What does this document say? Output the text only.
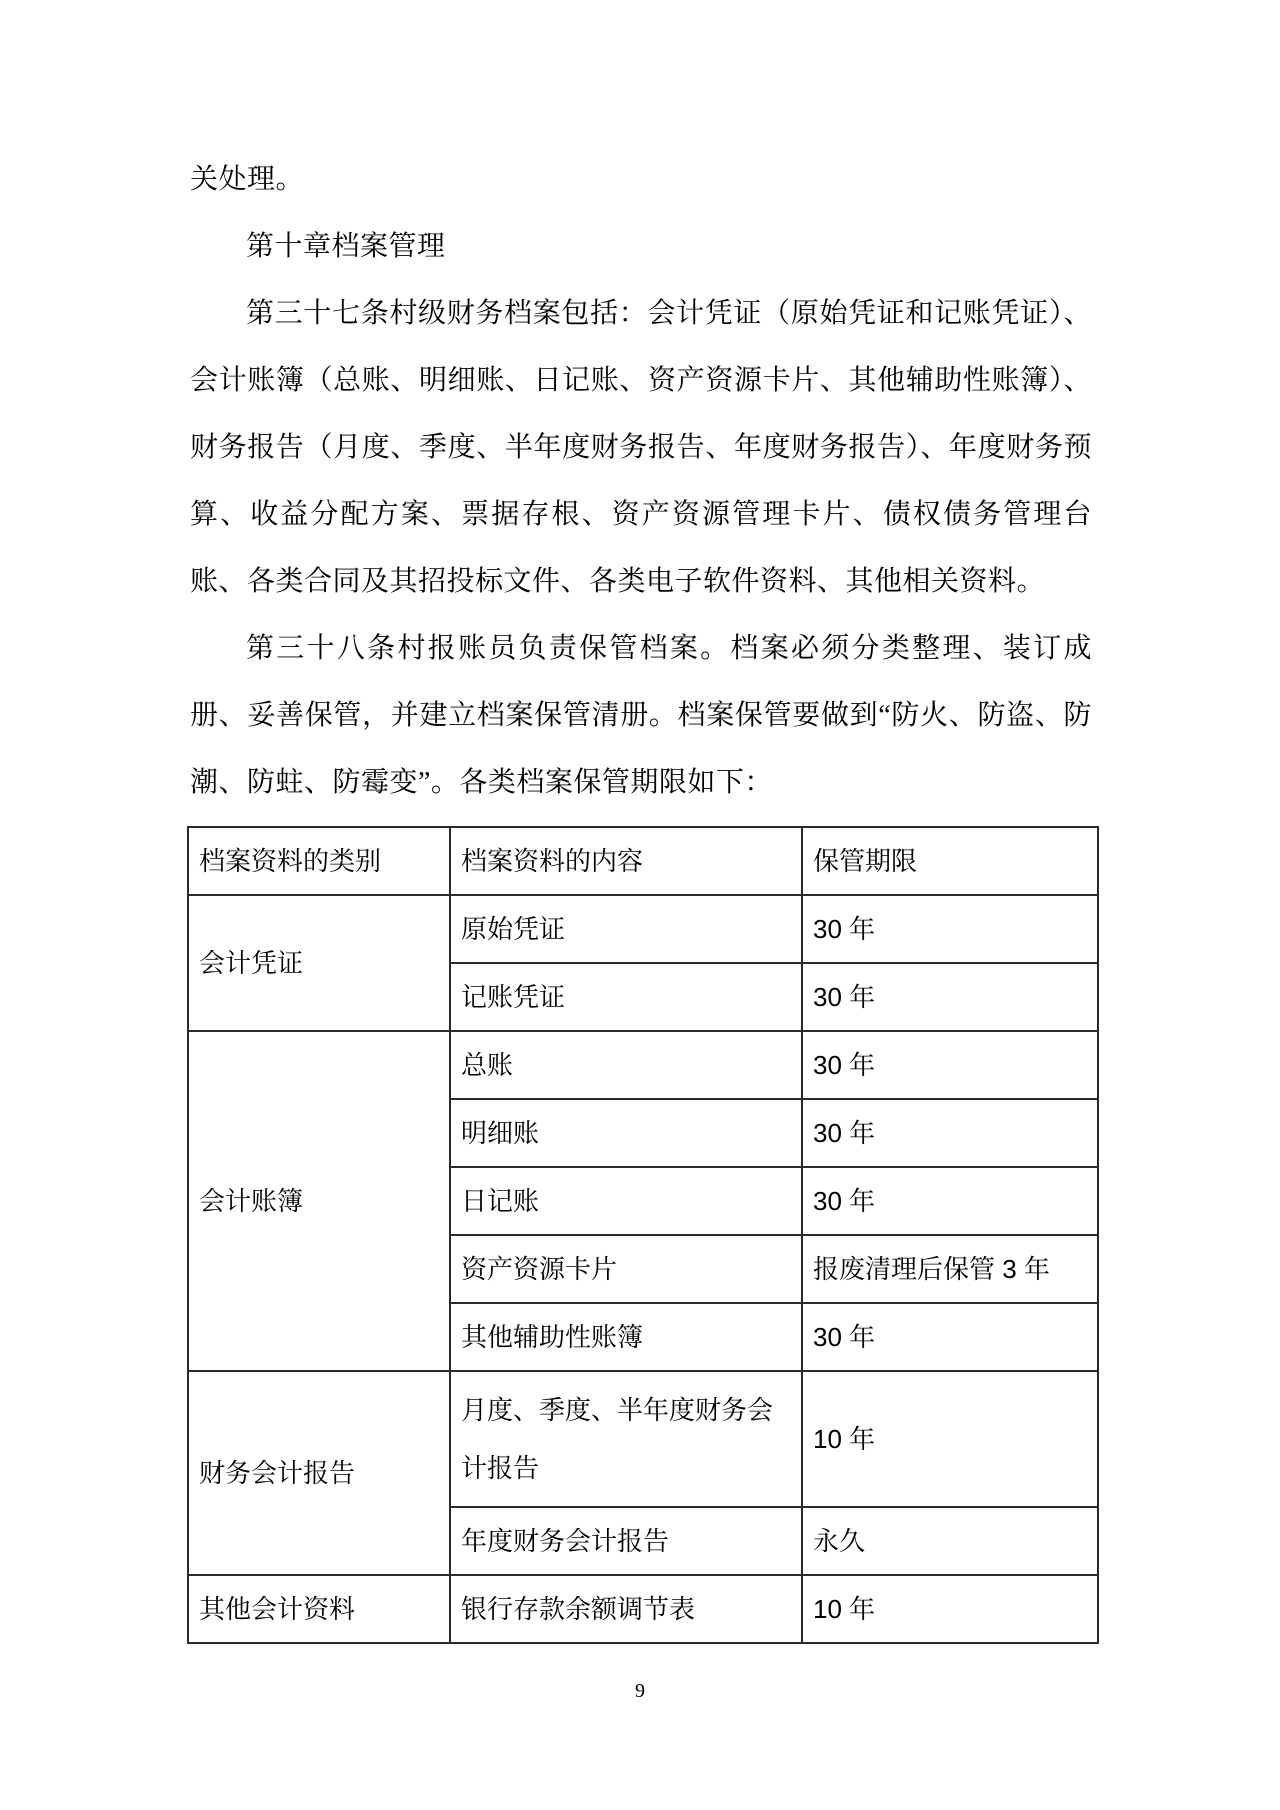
关处理。

第十章档案管理

第三十七条村级财务档案包括：会计凭证（原始凭证和记账凭证）、会计账簿（总账、明细账、日记账、资产资源卡片、其他辅助性账簿）、财务报告（月度、季度、半年度财务报告、年度财务报告）、年度财务预算、收益分配方案、票据存根、资产资源管理卡片、债权债务管理台账、各类合同及其招投标文件、各类电子软件资料、其他相关资料。

第三十八条村报账员负责保管档案。档案必须分类整理、装订成册、妥善保管，并建立档案保管清册。档案保管要做到“防火、防盗、防潮、防蛀、防霉变”。各类档案保管期限如下：

档案资料的类别	档案资料的内容	保管期限
会计凭证	原始凭证	30 年
	记账凭证	30 年
会计账簿	总账	30 年
	明细账	30 年
	日记账	30 年
	资产资源卡片	报废清理后保管 3 年
	其他辅助性账簿	30 年
财务会计报告	月度、季度、半年度财务会计报告	10 年
	年度财务会计报告	永久
其他会计资料	银行存款余额调节表	10 年
9
